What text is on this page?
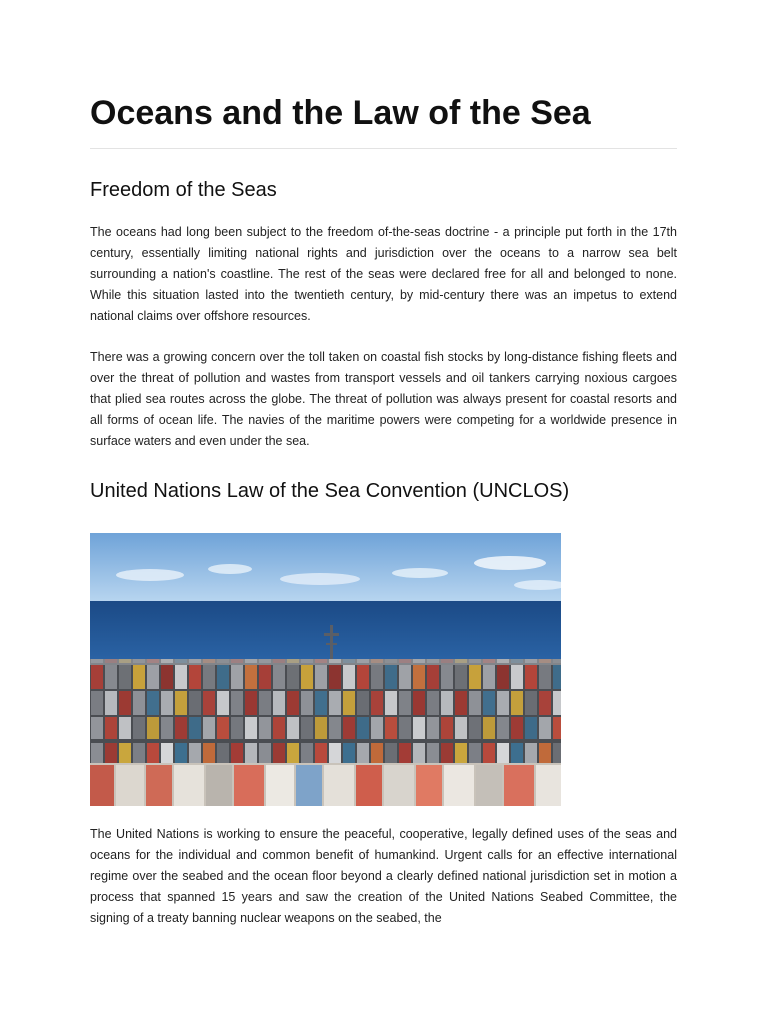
Oceans and the Law of the Sea
Freedom of the Seas

The oceans had long been subject to the freedom of-the-seas doctrine - a principle put forth in the 17th century, essentially limiting national rights and jurisdiction over the oceans to a narrow sea belt surrounding a nation's coastline. The rest of the seas were declared free for all and belonged to none. While this situation lasted into the twentieth century, by mid-century there was an impetus to extend national claims over offshore resources.

There was a growing concern over the toll taken on coastal fish stocks by long-distance fishing fleets and over the threat of pollution and wastes from transport vessels and oil tankers carrying noxious cargoes that plied sea routes across the globe. The threat of pollution was always present for coastal resorts and all forms of ocean life. The navies of the maritime powers were competing for a worldwide presence in surface waters and even under the sea.

United Nations Law of the Sea Convention (UNCLOS)

The United Nations is working to ensure the peaceful, cooperative, legally defined uses of the seas and oceans for the individual and common benefit of humankind. Urgent calls for an effective international regime over the seabed and the ocean floor beyond a clearly defined national jurisdiction set in motion a process that spanned 15 years and saw the creation of the United Nations Seabed Committee, the signing of a treaty banning nuclear weapons on the seabed, the
